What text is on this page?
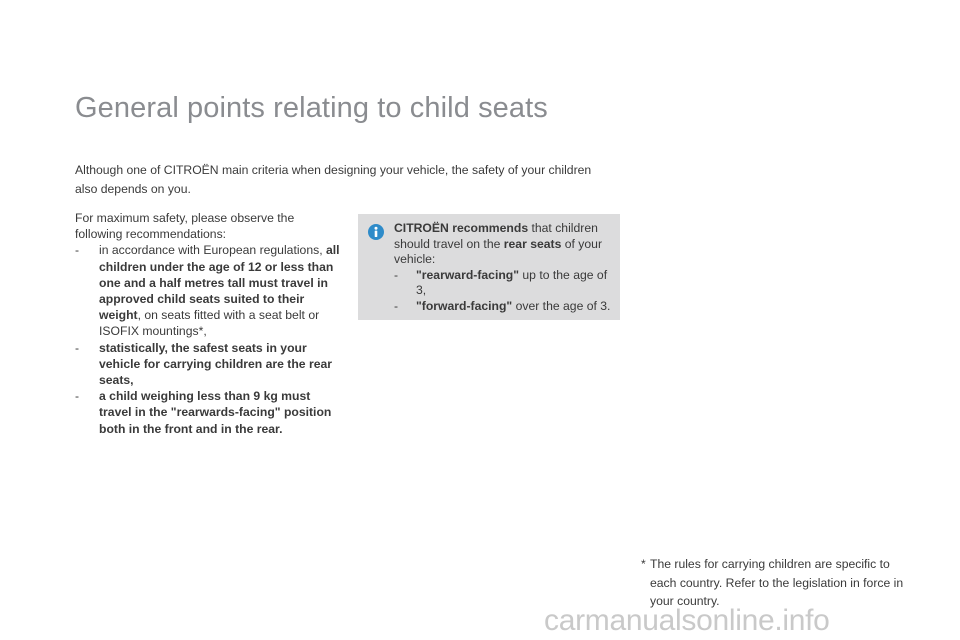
General points relating to child seats

Although one of CITROËN main criteria when designing your vehicle, the safety of your children also depends on you.

For maximum safety, please observe the following recommendations:
-	in accordance with European regulations, all children under the age of 12 or less than one and a half metres tall must travel in approved child seats suited to their weight, on seats fitted with a seat belt or ISOFIX mountings*,
-	statistically, the safest seats in your vehicle for carrying children are the rear seats,
-	a child weighing less than 9 kg must travel in the "rearwards-facing" position both in the front and in the rear.
CITROËN recommends that children should travel on the rear seats of your vehicle:
-	"rearward-facing" up to the age of 3,
-	"forward-facing" over the age of 3.
* The rules for carrying children are specific to each country. Refer to the legislation in force in your country.
carmanualsonline.info
